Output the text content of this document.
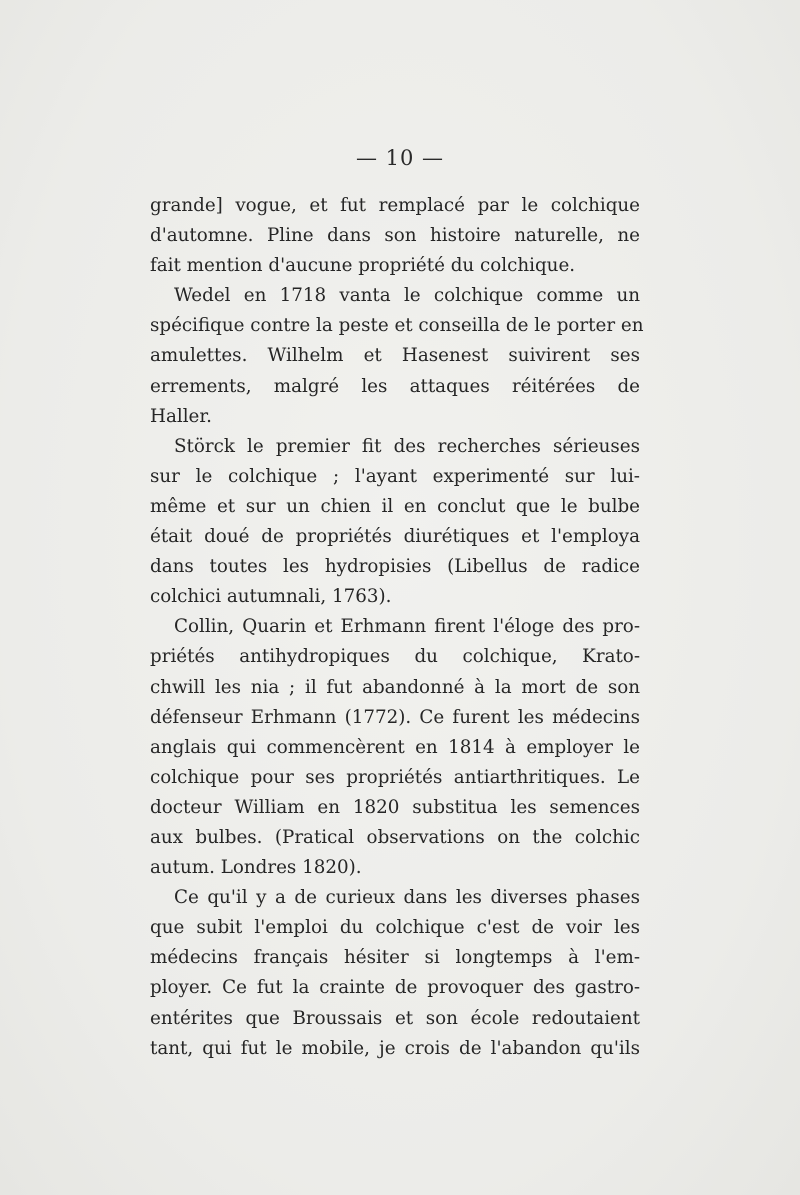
— 10 —
grande] vogue, et fut remplacé par le colchique
d'automne. Pline dans son histoire naturelle, ne
fait mention d'aucune propriété du colchique.
Wedel en 1718 vanta le colchique comme un
spécifique contre la peste et conseilla de le porter en
amulettes. Wilhelm et Hasenest suivirent ses
errements, malgré les attaques réitérées de
Haller.
Störck le premier fit des recherches sérieuses
sur le colchique ; l'ayant experimenté sur lui-
même et sur un chien il en conclut que le bulbe
était doué de propriétés diurétiques et l'employa
dans toutes les hydropisies (Libellus de radice
colchici autumnali, 1763).
Collin, Quarin et Erhmann firent l'éloge des pro-
priétés antihydropiques du colchique, Krato-
chwill les nia ; il fut abandonné à la mort de son
défenseur Erhmann (1772). Ce furent les médecins
anglais qui commencèrent en 1814 à employer le
colchique pour ses propriétés antiarthritiques. Le
docteur William en 1820 substitua les semences
aux bulbes. (Pratical observations on the colchic
autum. Londres 1820).
Ce qu'il y a de curieux dans les diverses phases
que subit l'emploi du colchique c'est de voir les
médecins français hésiter si longtemps à l'em-
ployer. Ce fut la crainte de provoquer des gastro-
entérites que Broussais et son école redoutaient
tant, qui fut le mobile, je crois de l'abandon qu'ils
